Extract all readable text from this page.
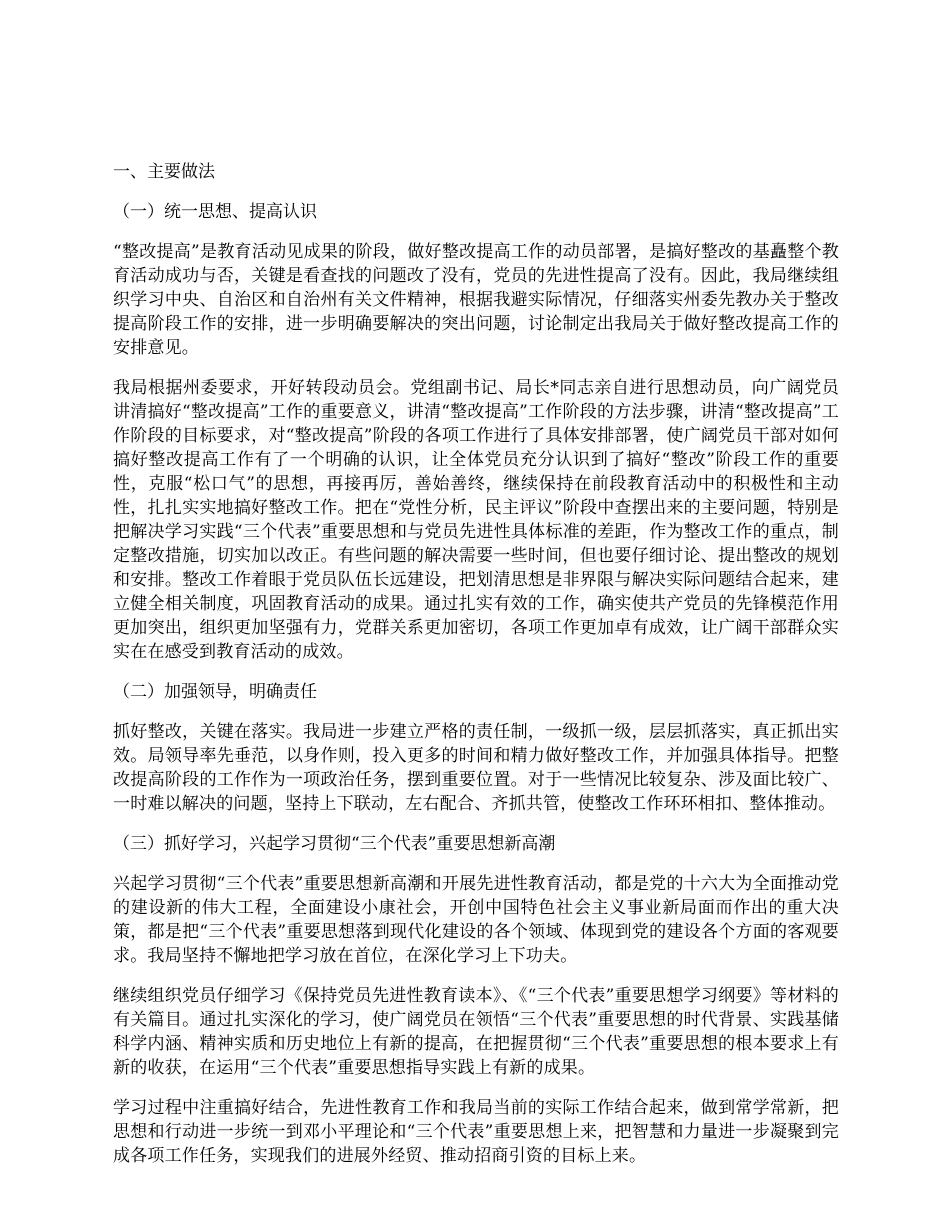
一、主要做法
（一）统一思想、提高认识
“整改提高”是教育活动见成果的阶段，做好整改提高工作的动员部署，是搞好整改的基矗整个教育活动成功与否，关键是看查找的问题改了没有，党员的先进性提高了没有。因此，我局继续组织学习中央、自治区和自治州有关文件精神，根据我避实际情况，仔细落实州委先教办关于整改提高阶段工作的安排，进一步明确要解决的突出问题，讨论制定出我局关于做好整改提高工作的安排意见。
我局根据州委要求，开好转段动员会。党组副书记、局长*同志亲自进行思想动员，向广阔党员讲清搞好“整改提高”工作的重要意义，讲清“整改提高”工作阶段的方法步骤，讲清“整改提高”工作阶段的目标要求，对“整改提高”阶段的各项工作进行了具体安排部署，使广阔党员干部对如何搞好整改提高工作有了一个明确的认识，让全体党员充分认识到了搞好“整改”阶段工作的重要性，克服“松口气”的思想，再接再厉，善始善终，继续保持在前段教育活动中的积极性和主动性，扎扎实实地搞好整改工作。把在“党性分析，民主评议”阶段中查摆出来的主要问题，特别是把解决学习实践“三个代表”重要思想和与党员先进性具体标准的差距，作为整改工作的重点，制定整改措施，切实加以改正。有些问题的解决需要一些时间，但也要仔细讨论、提出整改的规划和安排。整改工作着眼于党员队伍长远建设，把划清思想是非界限与解决实际问题结合起来，建立健全相关制度，巩固教育活动的成果。通过扎实有效的工作，确实使共产党员的先锋模范作用更加突出，组织更加坚强有力，党群关系更加密切，各项工作更加卓有成效，让广阔干部群众实实在在感受到教育活动的成效。
（二）加强领导，明确责任
抓好整改，关键在落实。我局进一步建立严格的责任制，一级抓一级，层层抓落实，真正抓出实效。局领导率先垂范，以身作则，投入更多的时间和精力做好整改工作，并加强具体指导。把整改提高阶段的工作作为一项政治任务，摆到重要位置。对于一些情况比较复杂、涉及面比较广、一时难以解决的问题，坚持上下联动，左右配合、齐抓共管，使整改工作环环相扣、整体推动。
（三）抓好学习，兴起学习贯彻“三个代表”重要思想新高潮
兴起学习贯彻“三个代表”重要思想新高潮和开展先进性教育活动，都是党的十六大为全面推动党的建设新的伟大工程，全面建设小康社会，开创中国特色社会主义事业新局面而作出的重大决策，都是把“三个代表”重要思想落到现代化建设的各个领域、体现到党的建设各个方面的客观要求。我局坚持不懈地把学习放在首位，在深化学习上下功夫。
继续组织党员仔细学习《保持党员先进性教育读本》、《“三个代表”重要思想学习纲要》等材料的有关篇目。通过扎实深化的学习，使广阔党员在领悟“三个代表”重要思想的时代背景、实践基储科学内涵、精神实质和历史地位上有新的提高，在把握贯彻“三个代表”重要思想的根本要求上有新的收获，在运用“三个代表”重要思想指导实践上有新的成果。
学习过程中注重搞好结合，先进性教育工作和我局当前的实际工作结合起来，做到常学常新，把思想和行动进一步统一到邓小平理论和“三个代表”重要思想上来，把智慧和力量进一步凝聚到完成各项工作任务，实现我们的进展外经贸、推动招商引资的目标上来。
